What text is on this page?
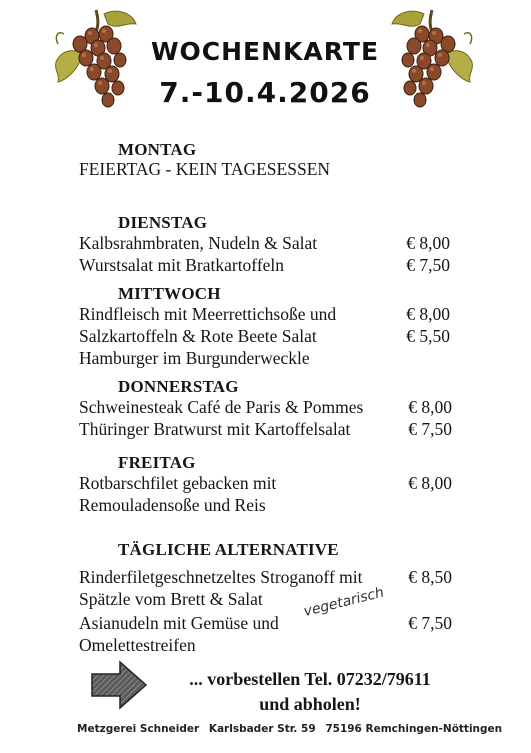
WOCHENKARTE
7.-10.4.2026
MONTAG
FEIERTAG - KEIN TAGESESSEN
DIENSTAG
Kalbsrahmbraten, Nudeln & Salat	€ 8,00
Wurstsalat mit Bratkartoffeln	€ 7,50
MITTWOCH
Rindfleisch mit Meerrettichsoße und	€ 8,00
Salzkartoffeln & Rote Beete Salat	€ 5,50
Hamburger im Burgunderweckle
DONNERSTAG
Schweinesteak Café de Paris & Pommes	€ 8,00
Thüringer Bratwurst mit Kartoffelsalat	€ 7,50
FREITAG
Rotbarschfilet gebacken mit	€ 8,00
Remouladensoße und Reis
TÄGLICHE ALTERNATIVE
Rinderfiletgeschnetzeltes Stroganoff mit	€ 8,50
Spätzle vom Brett & Salat
Asianudeln mit Gemüse und	€ 7,50
Omelettestreifen
vegetarisch
... vorbestellen Tel. 07232/79611
und abholen!
Metzgerei Schneider Karlsbader Str. 59 75196 Remchingen-Nöttingen
